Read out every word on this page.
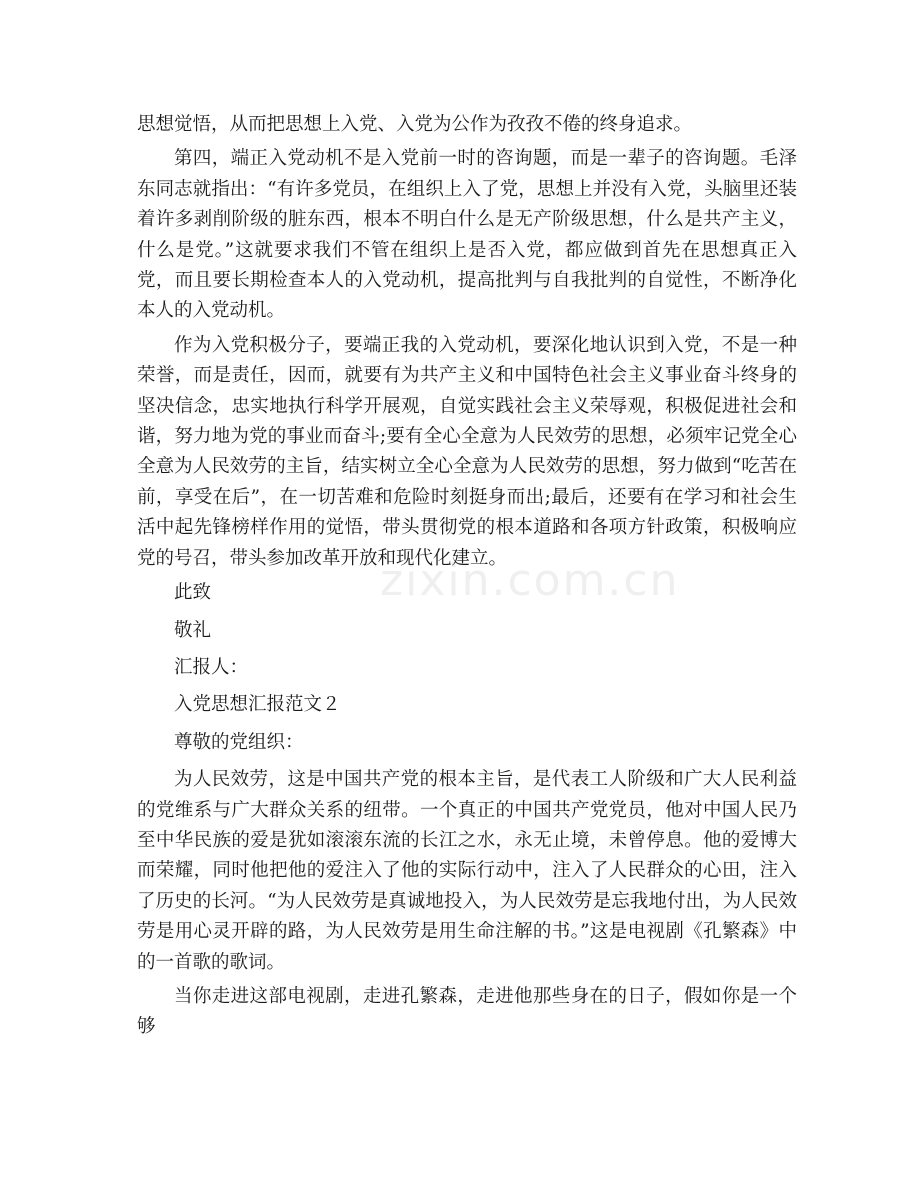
思想觉悟，从而把思想上入党、入党为公作为孜孜不倦的终身追求。

第四，端正入党动机不是入党前一时的咨询题，而是一辈子的咨询题。毛泽东同志就指出：“有许多党员，在组织上入了党，思想上并没有入党，头脑里还装着许多剥削阶级的脏东西，根本不明白什么是无产阶级思想，什么是共产主义，什么是党。”这就要求我们不管在组织上是否入党，都应做到首先在思想真正入党，而且要长期检查本人的入党动机，提高批判与自我批判的自觉性，不断净化本人的入党动机。

作为入党积极分子，要端正我的入党动机，要深化地认识到入党，不是一种荣誉，而是责任，因而，就要有为共产主义和中国特色社会主义事业奋斗终身的坚决信念，忠实地执行科学开展观，自觉实践社会主义荣辱观，积极促进社会和谐，努力地为党的事业而奋斗;要有全心全意为人民效劳的思想，必须牢记党全心全意为人民效劳的主旨，结实树立全心全意为人民效劳的思想，努力做到“吃苦在前，享受在后”，在一切苦难和危险时刻挺身而出;最后，还要有在学习和社会生活中起先锋榜样作用的觉悟，带头贯彻党的根本道路和各项方针政策，积极响应党的号召，带头参加改革开放和现代化建立。

此致

敬礼

汇报人：

入党思想汇报范文２

尊敬的党组织：

为人民效劳，这是中国共产党的根本主旨，是代表工人阶级和广大人民利益的党维系与广大群众关系的纽带。一个真正的中国共产党党员，他对中国人民乃至中华民族的爱是犹如滚滚东流的长江之水，永无止境，未曾停息。他的爱博大而荣耀，同时他把他的爱注入了他的实际行动中，注入了人民群众的心田，注入了历史的长河。“为人民效劳是真诚地投入，为人民效劳是忘我地付出，为人民效劳是用心灵开辟的路，为人民效劳是用生命注解的书。”这是电视剧《孔繁森》中的一首歌的歌词。

当你走进这部电视剧，走进孔繁森，走进他那些身在的日子，假如你是一个够

zixin.com.cn
